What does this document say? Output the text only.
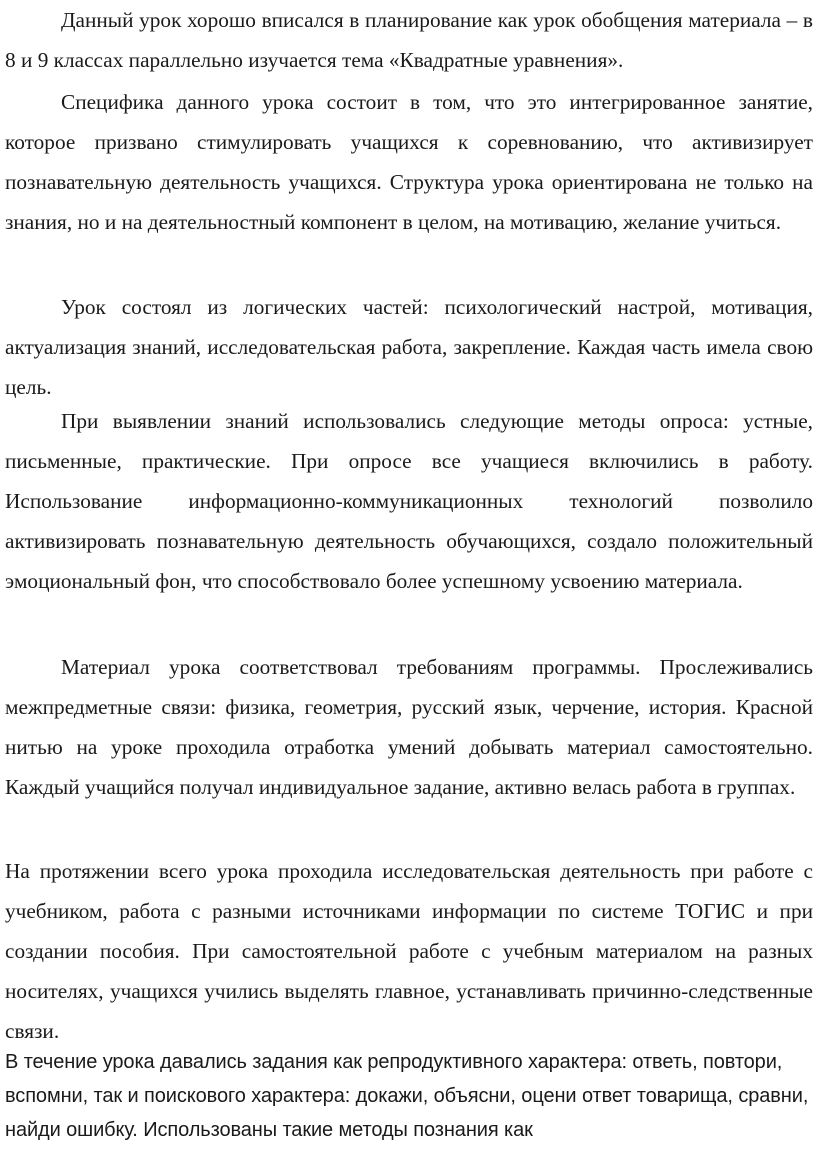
Данный урок хорошо вписался в планирование как урок обобщения материала – в 8 и 9 классах параллельно изучается тема «Квадратные уравнения».

Специфика данного урока состоит в том, что это интегрированное занятие, которое призвано стимулировать учащихся к соревнованию, что активизирует познавательную деятельность учащихся. Структура урока ориентирована не только на знания, но и на деятельностный компонент в целом, на мотивацию, желание учиться.

Урок состоял из логических частей: психологический настрой, мотивация, актуализация знаний, исследовательская работа, закрепление. Каждая часть имела свою цель.

При выявлении знаний использовались следующие методы опроса: устные, письменные, практические. При опросе все учащиеся включились в работу. Использование информационно-коммуникационных технологий позволило активизировать познавательную деятельность обучающихся, создало положительный эмоциональный фон, что способствовало более успешному усвоению материала.

Материал урока соответствовал требованиям программы. Прослеживались межпредметные связи: физика, геометрия, русский язык, черчение, история. Красной нитью на уроке проходила отработка умений добывать материал самостоятельно. Каждый учащийся получал индивидуальное задание, активно велась работа в группах.

На протяжении всего урока проходила исследовательская деятельность при работе с учебником, работа с разными источниками информации по системе ТОГИС и при создании пособия. При самостоятельной работе с учебным материалом на разных носителях, учащихся учились выделять главное, устанавливать причинно-следственные связи.

В течение урока давались задания как репродуктивного характера: ответь, повтори, вспомни, так и поискового характера: докажи, объясни, оцени ответ товарища, сравни, найди ошибку. Использованы такие методы познания как
